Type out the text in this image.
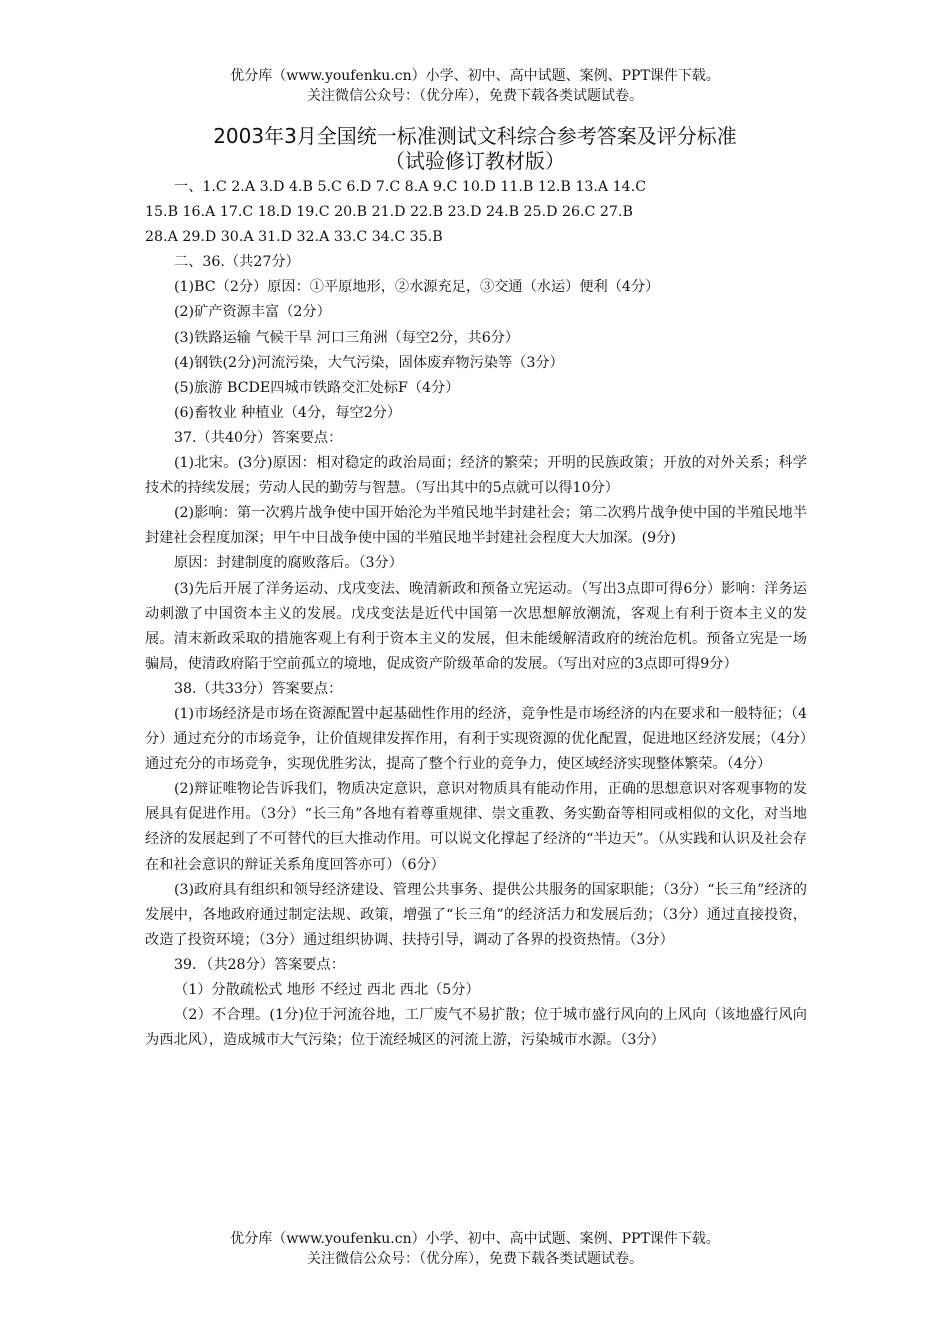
优分库（www.youfenku.cn）小学、初中、高中试题、案例、PPT课件下载。
关注微信公众号：（优分库），免费下载各类试题试卷。
2003年3月全国统一标准测试文科综合参考答案及评分标准
（试验修订教材版）

一、1.C 2.A 3.D 4.B 5.C 6.D 7.C 8.A 9.C 10.D 11.B 12.B 13.A 14.C

15.B 16.A 17.C 18.D 19.C 20.B 21.D 22.B 23.D 24.B 25.D 26.C 27.B

28.A 29.D 30.A 31.D 32.A 33.C 34.C 35.B

二、36.（共27分）

(1)BC（2分）原因：①平原地形，②水源充足，③交通（水运）便利（4分）

(2)矿产资源丰富（2分）

(3)铁路运输 气候干旱 河口三角洲（每空2分，共6分）

(4)钢铁(2分)河流污染，大气污染，固体废弃物污染等（3分）

(5)旅游 BCDE四城市铁路交汇处标F（4分）

(6)畜牧业 种植业（4分，每空2分）

37.（共40分）答案要点：

(1)北宋。(3分)原因：相对稳定的政治局面；经济的繁荣；开明的民族政策；开放的对外关系；科学技术的持续发展；劳动人民的勤劳与智慧。（写出其中的5点就可以得10分）

(2)影响：第一次鸦片战争使中国开始沦为半殖民地半封建社会；第二次鸦片战争使中国的半殖民地半封建社会程度加深；甲午中日战争使中国的半殖民地半封建社会程度大大加深。(9分)

原因：封建制度的腐败落后。（3分）

(3)先后开展了洋务运动、戊戌变法、晚清新政和预备立宪运动。（写出3点即可得6分）影响：洋务运动刺激了中国资本主义的发展。戊戌变法是近代中国第一次思想解放潮流，客观上有利于资本主义的发展。清末新政采取的措施客观上有利于资本主义的发展，但未能缓解清政府的统治危机。预备立宪是一场骗局，使清政府陷于空前孤立的境地，促成资产阶级革命的发展。（写出对应的3点即可得9分）

38.（共33分）答案要点：

(1)市场经济是市场在资源配置中起基础性作用的经济，竞争性是市场经济的内在要求和一般特征；（4分）通过充分的市场竞争，让价值规律发挥作用，有利于实现资源的优化配置，促进地区经济发展；（4分）通过充分的市场竞争，实现优胜劣汰，提高了整个行业的竞争力，使区域经济实现整体繁荣。（4分）

(2)辩证唯物论告诉我们，物质决定意识，意识对物质具有能动作用，正确的思想意识对客观事物的发展具有促进作用。（3分）“长三角”各地有着尊重规律、崇文重教、务实勤奋等相同或相似的文化，对当地经济的发展起到了不可替代的巨大推动作用。可以说文化撑起了经济的“半边天”。（从实践和认识及社会存在和社会意识的辩证关系角度回答亦可）（6分）

(3)政府具有组织和领导经济建设、管理公共事务、提供公共服务的国家职能；（3分）“长三角”经济的发展中，各地政府通过制定法规、政策，增强了“长三角”的经济活力和发展后劲；（3分）通过直接投资，改造了投资环境；（3分）通过组织协调、扶持引导，调动了各界的投资热情。（3分）

39．（共28分）答案要点：

（1）分散疏松式 地形 不经过 西北 西北（5分）

（2）不合理。(1分)位于河流谷地，工厂废气不易扩散；位于城市盛行风向的上风向（该地盛行风向为西北风），造成城市大气污染；位于流经城区的河流上游，污染城市水源。（3分）

优分库（www.youfenku.cn）小学、初中、高中试题、案例、PPT课件下载。
关注微信公众号：（优分库），免费下载各类试题试卷。
